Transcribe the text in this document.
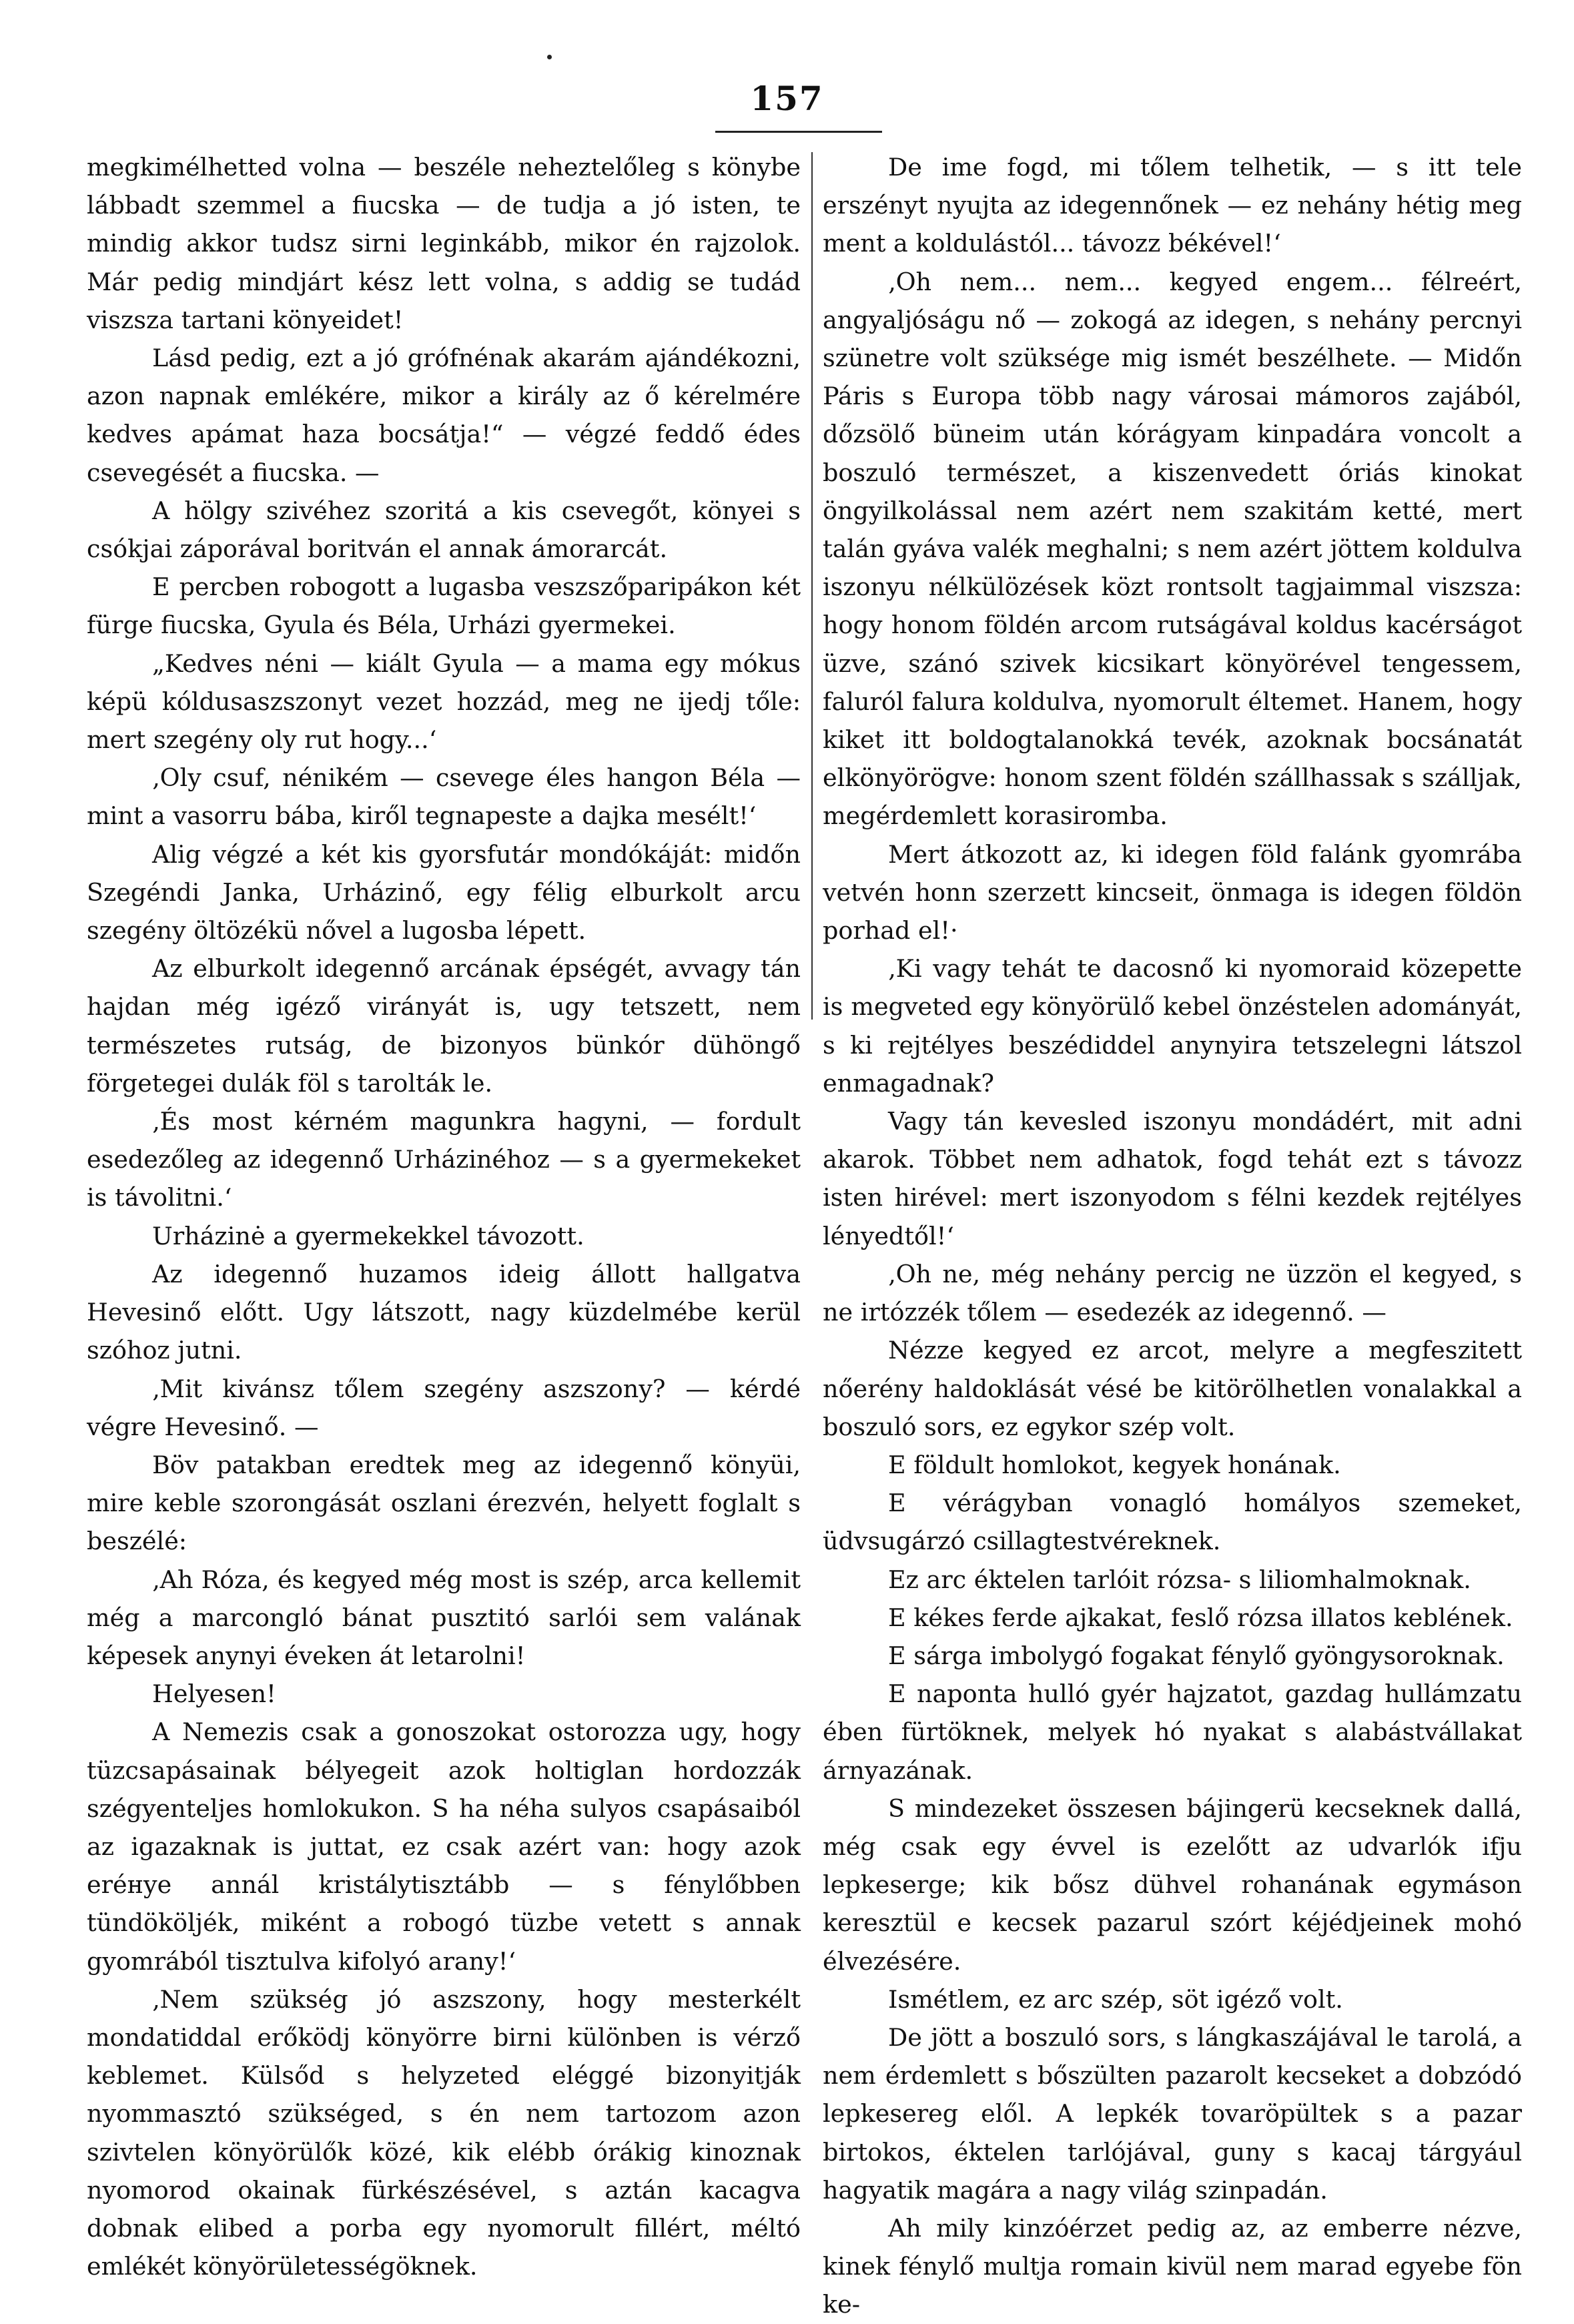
157

megkimélhetted volna — beszéle neheztelőleg s könybe lábbadt szemmel a fiucska — de tudja a jó isten, te mindig akkor tudsz sirni leginkább, mikor én rajzolok. Már pedig mindjárt kész lett volna, s addig se tudád viszsza tartani könyeidet!

Lásd pedig, ezt a jó grófnénak akarám ajándékozni, azon napnak emlékére, mikor a király az ő kérelmére kedves apámat haza bocsátja!“ — végzé feddő édes csevegését a fiucska. —

A hölgy szivéhez szoritá a kis csevegőt, könyei s csókjai záporával boritván el annak ámorarcát.

E percben robogott a lugasba veszszőparipákon két fürge fiucska, Gyula és Béla, Urházi gyermekei.

„Kedves néni — kiált Gyula — a mama egy mókus képü kóldusaszszonyt vezet hozzád, meg ne ijedj tőle: mert szegény oly rut hogy...‘

‚Oly csuf, nénikém — csevege éles hangon Béla — mint a vasorru bába, kiről tegnapeste a dajka mesélt!‘

Alig végzé a két kis gyorsfutár mondókáját: midőn Szegéndi Janka, Urházinő, egy félig elburkolt arcu szegény öltözékü nővel a lugosba lépett.

Az elburkolt idegennő arcának épségét, avvagy tán hajdan még igéző virányát is, ugy tetszett, nem természetes rutság, de bizonyos bünkór dühöngő förgetegei dulák föl s tarolták le.

‚És most kérném magunkra hagyni, — fordult esedezőleg az idegennő Urházinéhoz — s a gyermekeket is távolitni.‘

Urházinė a gyermekekkel távozott.

Az idegennő huzamos ideig állott hallgatva Hevesinő előtt. Ugy látszott, nagy küzdelmébe kerül szóhoz jutni.

‚Mit kivánsz tőlem szegény aszszony? — kérdé végre Hevesinő. —

Böv patakban eredtek meg az idegennő könyüi, mire keble szorongását oszlani érezvén, helyett foglalt s beszélé:

‚Ah Róza, és kegyed még most is szép, arca kellemit még a marcongló bánat pusztitó sarlói sem valának képesek anynyi éveken át letarolni!

Helyesen!

A Nemezis csak a gonoszokat ostorozza ugy, hogy tüzcsapásainak bélyegeit azok holtiglan hordozzák szégyenteljes homlokukon. S ha néha sulyos csapásaiból az igazaknak is juttat, ez csak azért van: hogy azok eréнye annál kristálytisztább — s fénylőbben tündököljék, miként a robogó tüzbe vetett s annak gyomrából tisztulva kifolyó arany!‘

‚Nem szükség jó aszszony, hogy mesterkélt mondatiddal erőködj könyörre birni különben is vérző keblemet. Külsőd s helyzeted eléggé bizonyitják nyommasztó szükséged, s én nem tartozom azon szivtelen könyörülők közé, kik elébb órákig kinoznak nyomorod okainak fürkészésével, s aztán kacagva dobnak elibed a porba egy nyomorult fillért, méltó emlékét könyörületességöknek.

De ime fogd, mi tőlem telhetik, — s itt tele erszényt nyujta az idegennőnek — ez nehány hétig meg ment a koldulástól... távozz békével!‘

‚Oh nem... nem... kegyed engem... félreért, angyaljóságu nő — zokogá az idegen, s nehány percnyi szünetre volt szüksége mig ismét beszélhete. — Midőn Páris s Europa több nagy városai mámoros zajából, dőzsölő büneim után kórágyam kinpadára voncolt a boszuló természet, a kiszenvedett óriás kinokat öngyilkolással nem azért nem szakitám ketté, mert talán gyáva valék meghalni; s nem azért jöttem koldulva iszonyu nélkülözések közt rontsolt tagjaimmal viszsza: hogy honom földén arcom rutságával koldus kacérságot üzve, szánó szivek kicsikart könyörével tengessem, faluról falura koldulva, nyomorult éltemet. Hanem, hogy kiket itt boldogtalanokká tevék, azoknak bocsánatát elkönyörögve: honom szent földén szállhassak s szálljak, megérdemlett korasiromba.

Mert átkozott az, ki idegen föld falánk gyomrába vetvén honn szerzett kincseit, önmaga is idegen földön porhad el!·

‚Ki vagy tehát te dacosnő ki nyomoraid közepette is megveted egy könyörülő kebel önzéstelen adományát, s ki rejtélyes beszédiddel anynyira tetszelegni látszol enmagadnak?

Vagy tán kevesled iszonyu mondádért, mit adni akarok. Többet nem adhatok, fogd tehát ezt s távozz isten hirével: mert iszonyodom s félni kezdek rejtélyes lényedtől!‘

‚Oh ne, még nehány percig ne üzzön el kegyed, s ne irtózzék tőlem — esedezék az idegennő. —

Nézze kegyed ez arcot, melyre a megfeszitett nőerény haldoklását vésé be kitörölhetlen vonalakkal a boszuló sors, ez egykor szép volt.

E földult homlokot, kegyek honának.

E vérágyban vonagló homályos szemeket, üdvsugárzó csillagtestvéreknek.

Ez arc éktelen tarlóit rózsa- s liliomhalmoknak.

E kékes ferde ajkakat, feslő rózsa illatos keblének.

E sárga imbolygó fogakat fénylő gyöngysoroknak.

E naponta hulló gyér hajzatot, gazdag hullámzatu ében fürtöknek, melyek hó nyakat s alabástvállakat árnyazának.

S mindezeket összesen bájingerü kecseknek dallá, még csak egy évvel is ezelőtt az udvarlók ifju lepkeserge; kik bősz dühvel rohanának egymáson keresztül e kecsek pazarul szórt kéjédjeinek mohó élvezésére.

Ismétlem, ez arc szép, söt igéző volt.

De jött a boszuló sors, s lángkaszájával le tarolá, a nem érdemlett s bőszülten pazarolt kecseket a dobzódó lepkesereg elől. A lepkék tovaröpültek s a pazar birtokos, éktelen tarlójával, guny s kacaj tárgyául hagyatik magára a nagy világ szinpadán.

Ah mily kinzóérzet pedig az, az emberre nézve, kinek fénylő multja romain kivül nem marad egyebe fön ke-
